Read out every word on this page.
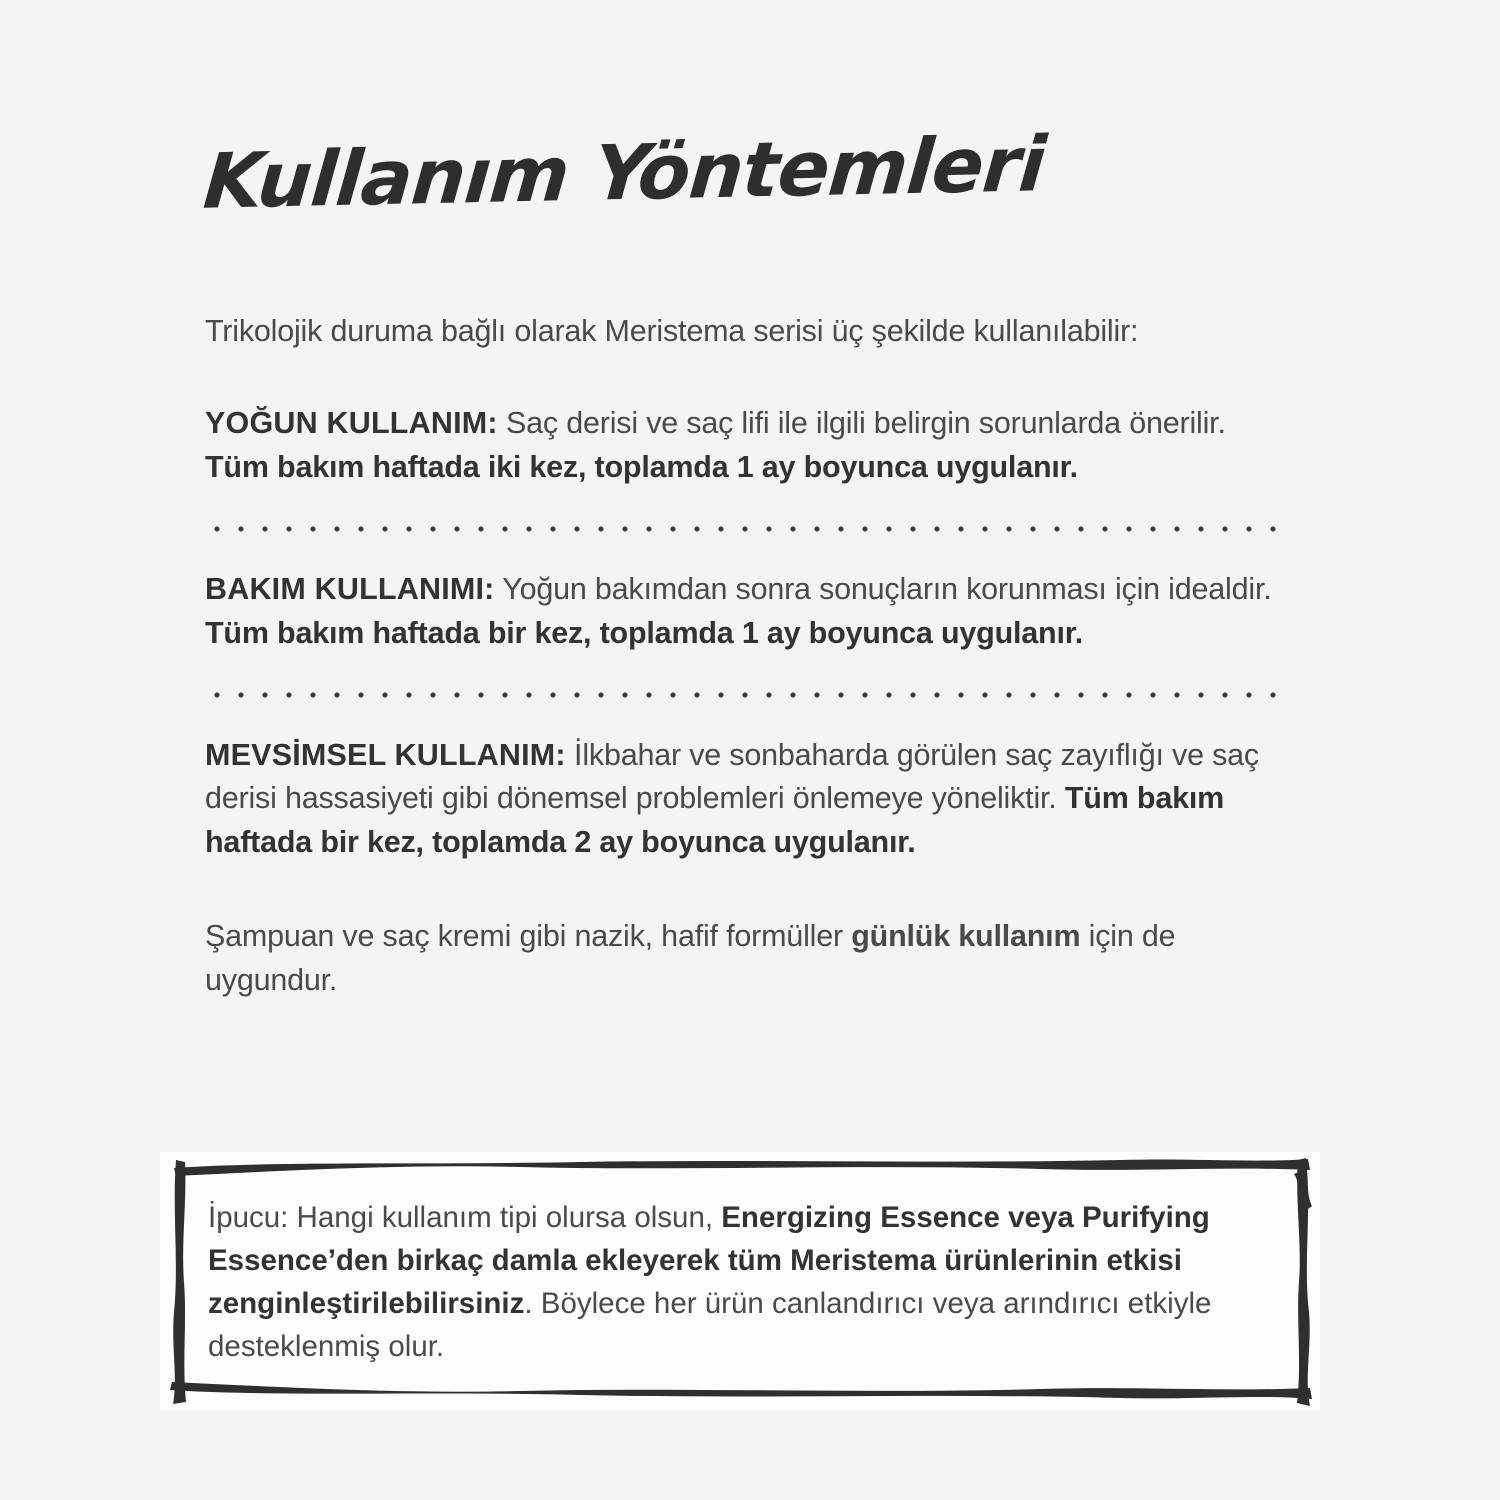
Kullanım Yöntemleri

Trikolojik duruma bağlı olarak Meristema serisi üç şekilde kullanılabilir:

YOĞUN KULLANIM: Saç derisi ve saç lifi ile ilgili belirgin sorunlarda önerilir. Tüm bakım haftada iki kez, toplamda 1 ay boyunca uygulanır.

BAKIM KULLANIMI: Yoğun bakımdan sonra sonuçların korunması için idealdir. Tüm bakım haftada bir kez, toplamda 1 ay boyunca uygulanır.

MEVSİMSEL KULLANIM: İlkbahar ve sonbaharda görülen saç zayıflığı ve saç derisi hassasiyeti gibi dönemsel problemleri önlemeye yöneliktir. Tüm bakım haftada bir kez, toplamda 2 ay boyunca uygulanır.

Şampuan ve saç kremi gibi nazik, hafif formüller günlük kullanım için de uygundur.

İpucu: Hangi kullanım tipi olursa olsun, Energizing Essence veya Purifying Essence’den birkaç damla ekleyerek tüm Meristema ürünlerinin etkisi zenginleştirilebilirsiniz. Böylece her ürün canlandırıcı veya arındırıcı etkiyle desteklenmiş olur.
